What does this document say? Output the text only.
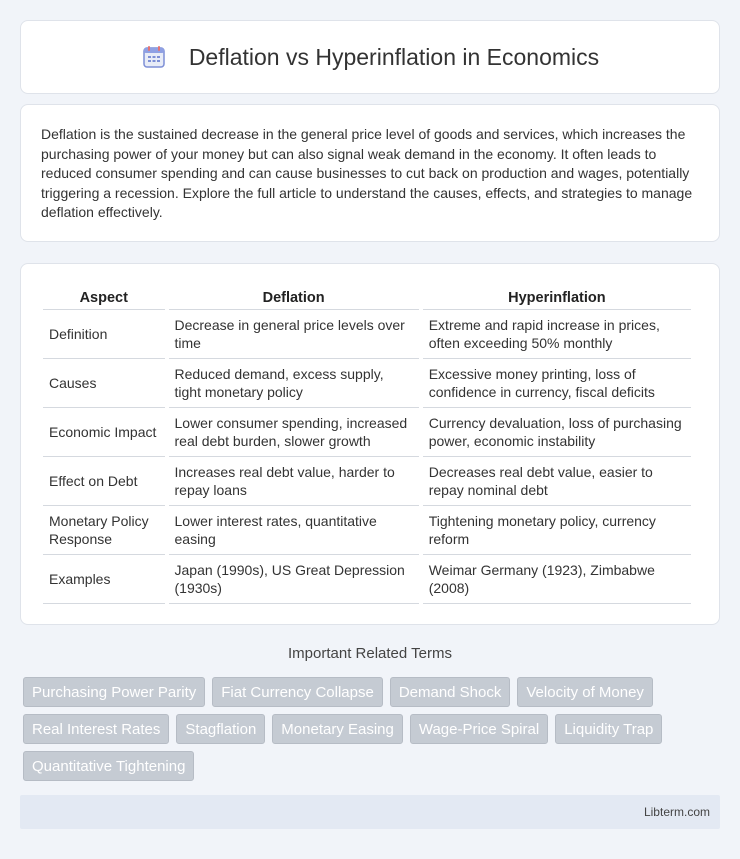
Deflation vs Hyperinflation in Economics

Deflation is the sustained decrease in the general price level of goods and services, which increases the purchasing power of your money but can also signal weak demand in the economy. It often leads to reduced consumer spending and can cause businesses to cut back on production and wages, potentially triggering a recession. Explore the full article to understand the causes, effects, and strategies to manage deflation effectively.

Aspect	Deflation	Hyperinflation
Definition	Decrease in general price levels over time	Extreme and rapid increase in prices, often exceeding 50% monthly
Causes	Reduced demand, excess supply, tight monetary policy	Excessive money printing, loss of confidence in currency, fiscal deficits
Economic Impact	Lower consumer spending, increased real debt burden, slower growth	Currency devaluation, loss of purchasing power, economic instability
Effect on Debt	Increases real debt value, harder to repay loans	Decreases real debt value, easier to repay nominal debt
Monetary Policy Response	Lower interest rates, quantitative easing	Tightening monetary policy, currency reform
Examples	Japan (1990s), US Great Depression (1930s)	Weimar Germany (1923), Zimbabwe (2008)
Important Related Terms
Purchasing Power Parity	Fiat Currency Collapse	Demand Shock	Velocity of Money
Real Interest Rates	Stagflation	Monetary Easing	Wage-Price Spiral	Liquidity Trap
Quantitative Tightening
Libterm.com
